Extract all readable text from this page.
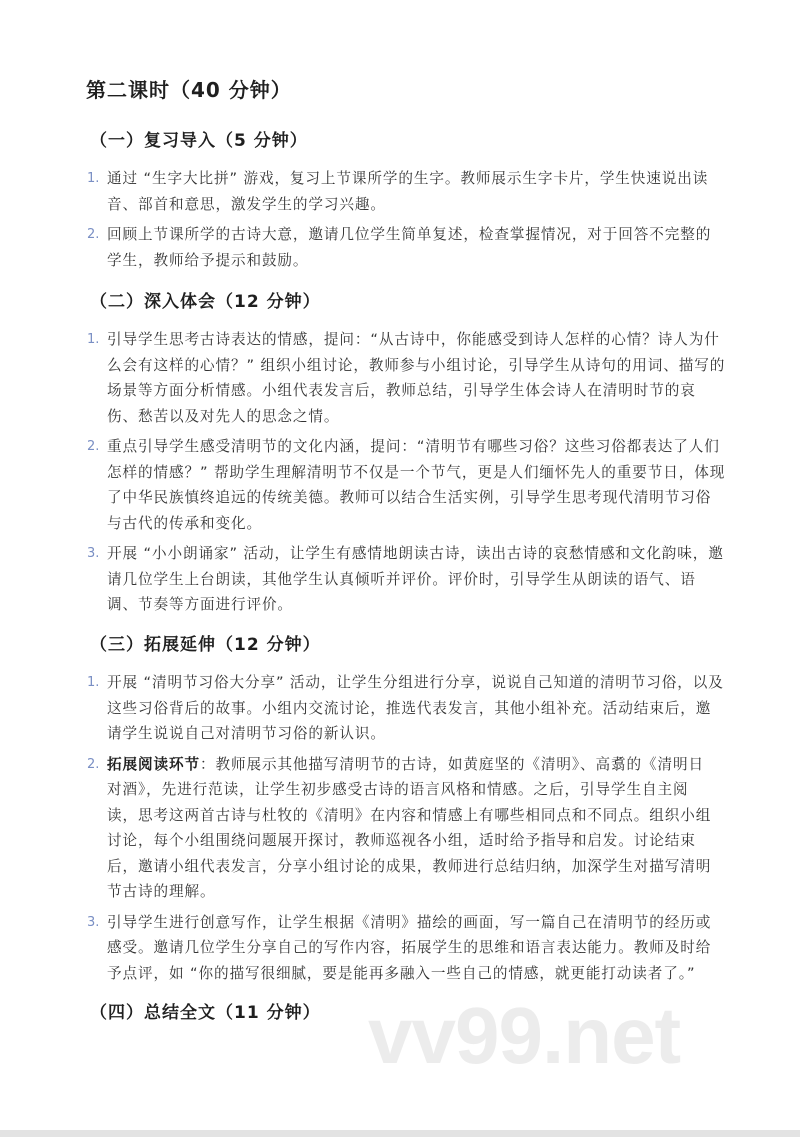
第二课时（40 分钟）
（一）复习导入（5 分钟）
1. 通过 “生字大比拼” 游戏，复习上节课所学的生字。教师展示生字卡片，学生快速说出读
音、部首和意思，激发学生的学习兴趣。
2. 回顾上节课所学的古诗大意，邀请几位学生简单复述，检查掌握情况，对于回答不完整的
学生，教师给予提示和鼓励。
（二）深入体会（12 分钟）
1. 引导学生思考古诗表达的情感，提问：“从古诗中，你能感受到诗人怎样的心情？诗人为什
么会有这样的心情？” 组织小组讨论，教师参与小组讨论，引导学生从诗句的用词、描写的
场景等方面分析情感。小组代表发言后，教师总结，引导学生体会诗人在清明时节的哀
伤、愁苦以及对先人的思念之情。
2. 重点引导学生感受清明节的文化内涵，提问：“清明节有哪些习俗？这些习俗都表达了人们
怎样的情感？” 帮助学生理解清明节不仅是一个节气，更是人们缅怀先人的重要节日，体现
了中华民族慎终追远的传统美德。教师可以结合生活实例，引导学生思考现代清明节习俗
与古代的传承和变化。
3. 开展 “小小朗诵家” 活动，让学生有感情地朗读古诗，读出古诗的哀愁情感和文化韵味，邀
请几位学生上台朗读，其他学生认真倾听并评价。评价时，引导学生从朗读的语气、语
调、节奏等方面进行评价。
（三）拓展延伸（12 分钟）
1. 开展 “清明节习俗大分享” 活动，让学生分组进行分享，说说自己知道的清明节习俗，以及
这些习俗背后的故事。小组内交流讨论，推选代表发言，其他小组补充。活动结束后，邀
请学生说说自己对清明节习俗的新认识。
2. 拓展阅读环节：教师展示其他描写清明节的古诗，如黄庭坚的《清明》、高翥的《清明日
对酒》，先进行范读，让学生初步感受古诗的语言风格和情感。之后，引导学生自主阅
读，思考这两首古诗与杜牧的《清明》在内容和情感上有哪些相同点和不同点。组织小组
讨论，每个小组围绕问题展开探讨，教师巡视各小组，适时给予指导和启发。讨论结束
后，邀请小组代表发言，分享小组讨论的成果，教师进行总结归纳，加深学生对描写清明
节古诗的理解。
3. 引导学生进行创意写作，让学生根据《清明》描绘的画面，写一篇自己在清明节的经历或
感受。邀请几位学生分享自己的写作内容，拓展学生的思维和语言表达能力。教师及时给
予点评，如 “你的描写很细腻，要是能再多融入一些自己的情感，就更能打动读者了。”
（四）总结全文（11 分钟） vv99.net
